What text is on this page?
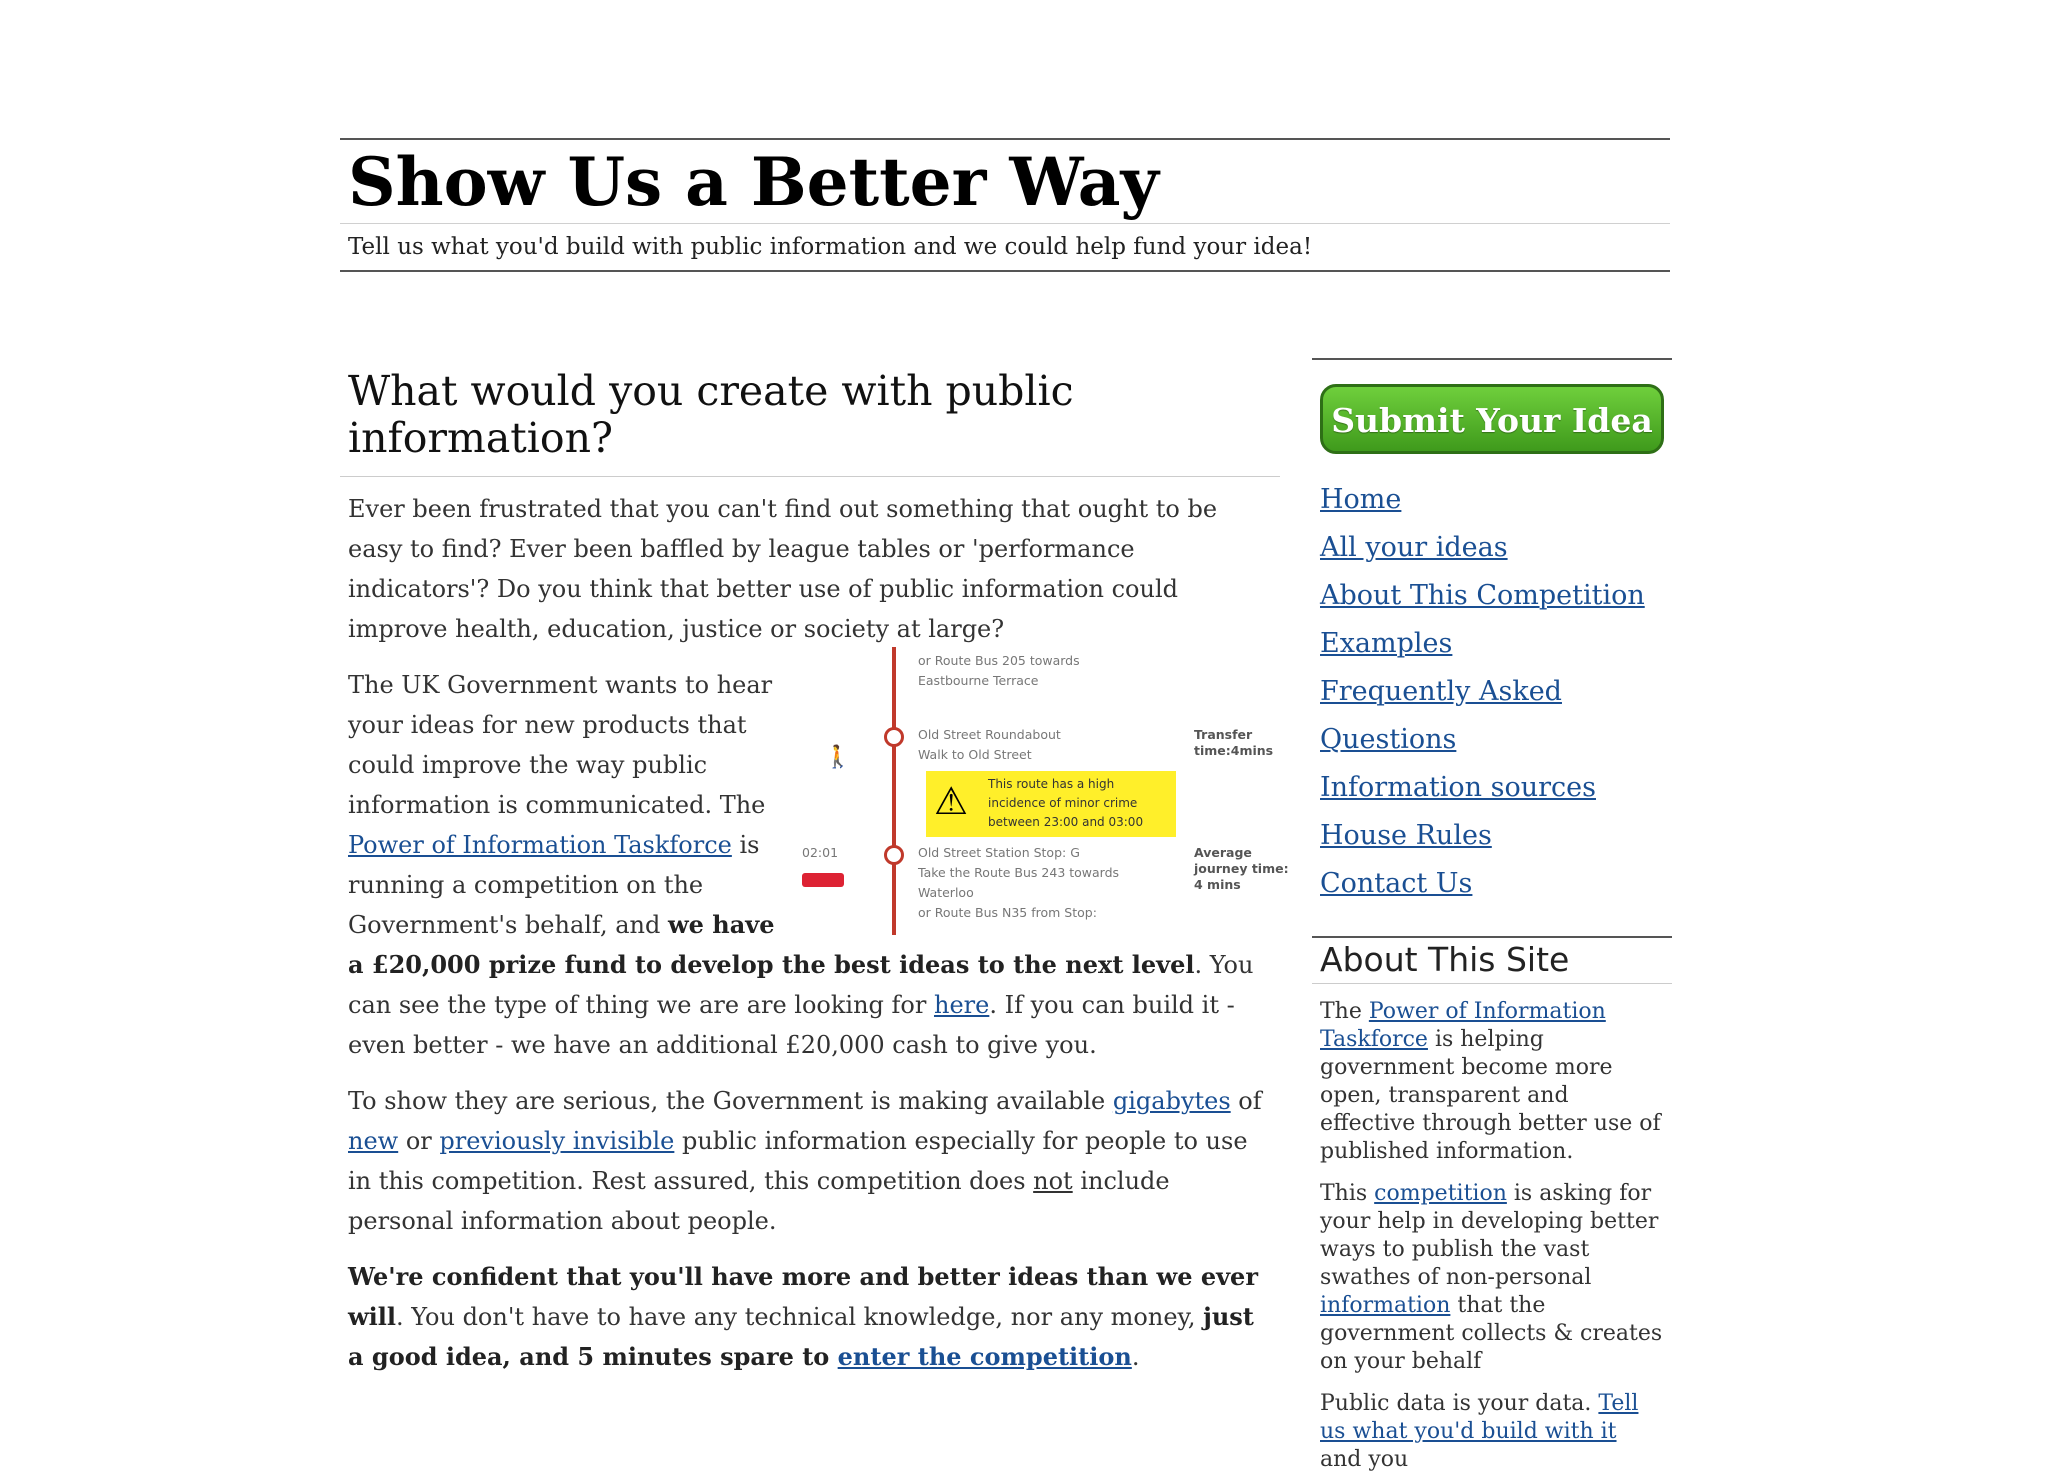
Show Us a Better Way
Tell us what you'd build with public information and we could help fund your idea!
What would you create with public information?

Ever been frustrated that you can't find out something that ought to be easy to find? Ever been baffled by league tables or 'performance indicators'? Do you think that better use of public information could improve health, education, justice or society at large?

or Route Bus 205 towards
Eastbourne Terrace
🚶
Old Street Roundabout
Walk to Old Street
Transfer
time:4mins
⚠ This route has a high incidence of minor crime between 23:00 and 03:00
02:01	Old Street Station Stop: G
Take the Route Bus 243 towards
Waterloo
or Route Bus N35 from Stop:
Average
journey time:
4 mins

The UK Government wants to hear your ideas for new products that could improve the way public information is communicated. The Power of Information Taskforce is running a competition on the Government's behalf, and we have a £20,000 prize fund to develop the best ideas to the next level. You can see the type of thing we are are looking for here. If you can build it - even better - we have an additional £20,000 cash to give you.

To show they are serious, the Government is making available gigabytes of new or previously invisible public information especially for people to use in this competition. Rest assured, this competition does not include personal information about people.

We're confident that you'll have more and better ideas than we ever will. You don't have to have any technical knowledge, nor any money, just a good idea, and 5 minutes spare to enter the competition.

Submit Your Idea
Home
All your ideas
About This Competition
Examples
Frequently Asked Questions
Information sources
House Rules
Contact Us
About This Site

The Power of Information Taskforce is helping government become more open, transparent and effective through better use of published information.

This competition is asking for your help in developing better ways to publish the vast swathes of non-personal information that the government collects & creates on your behalf

Public data is your data. Tell us what you'd build with it and you
